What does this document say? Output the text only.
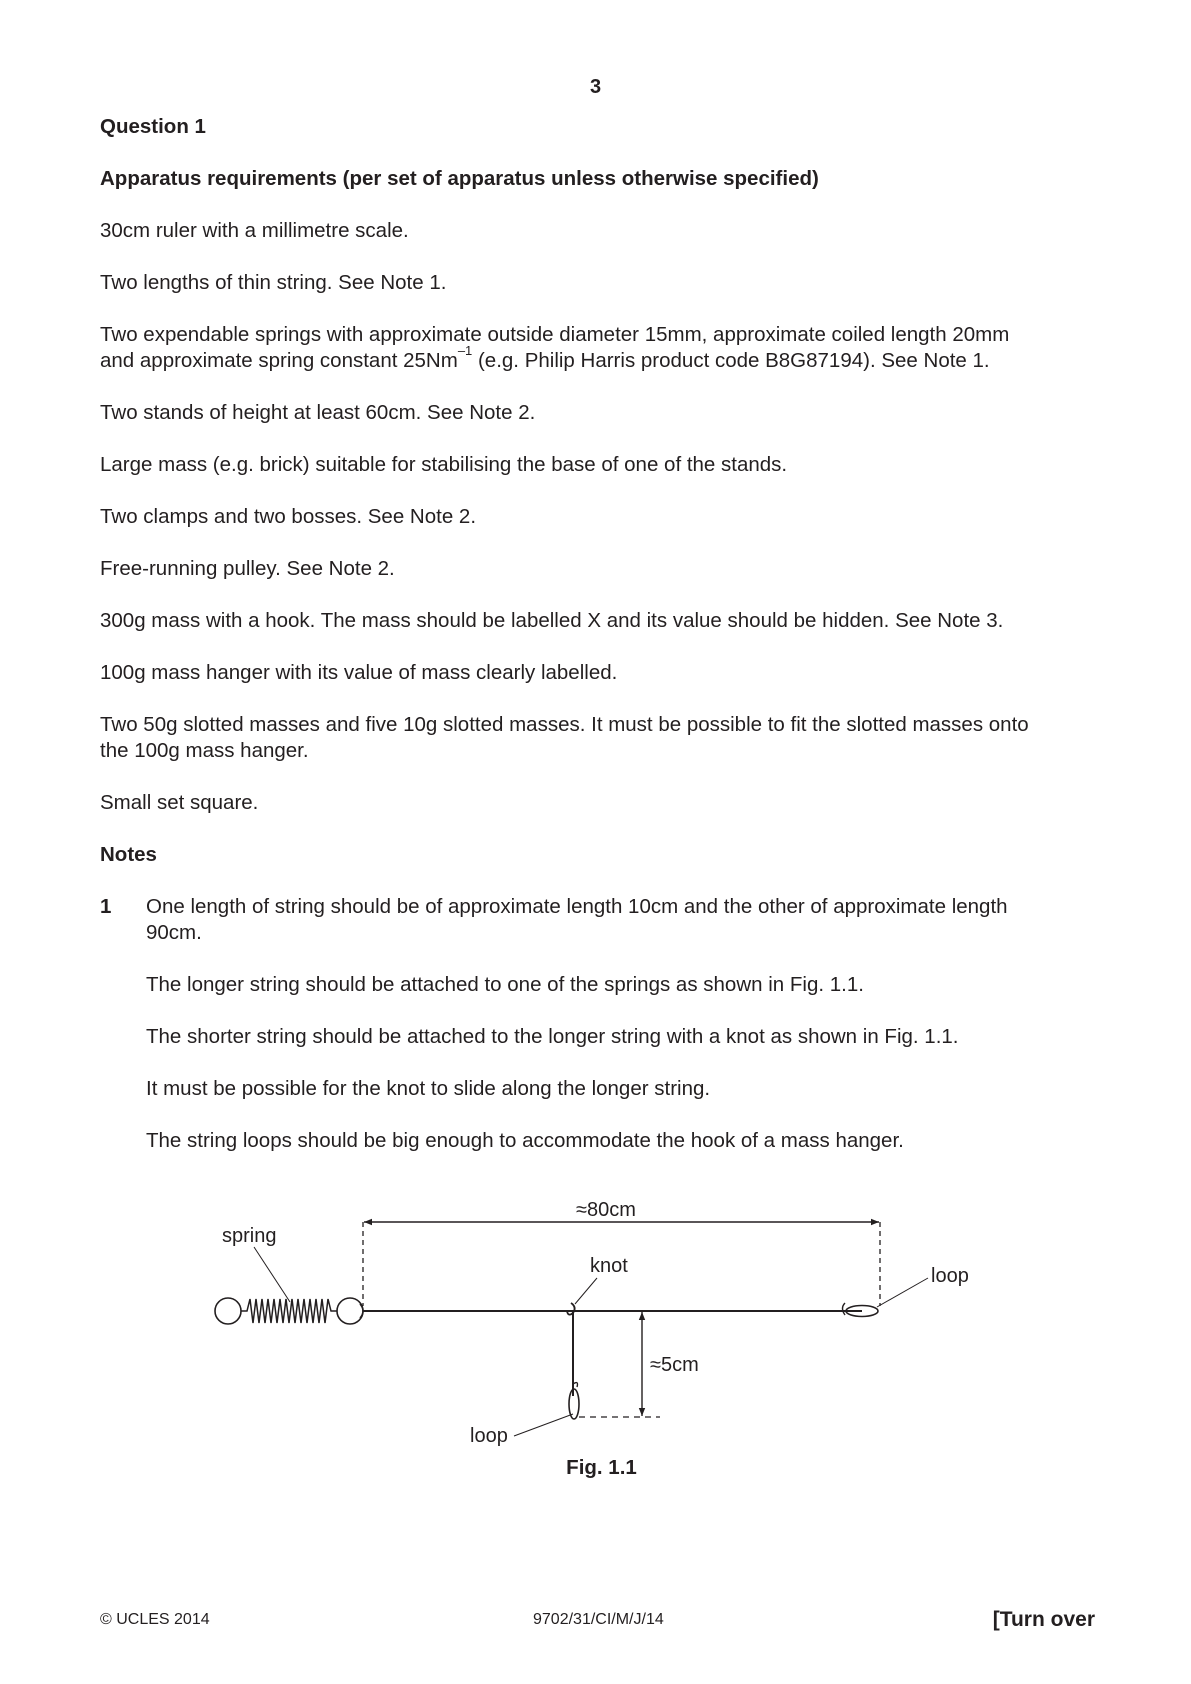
3

Question 1

Apparatus requirements (per set of apparatus unless otherwise specified)

30cm ruler with a millimetre scale.

Two lengths of thin string. See Note 1.

Two expendable springs with approximate outside diameter 15mm, approximate coiled length 20mm
and approximate spring constant $25Nm^{-1}$ (e.g. Philip Harris product code B8G87194). See Note 1.

Two stands of height at least 60cm. See Note 2.

Large mass (e.g. brick) suitable for stabilising the base of one of the stands.

Two clamps and two bosses. See Note 2.

Free-running pulley. See Note 2.

300g mass with a hook. The mass should be labelled X and its value should be hidden. See Note 3.

100g mass hanger with its value of mass clearly labelled.

Two 50g slotted masses and five 10g slotted masses. It must be possible to fit the slotted masses onto
the 100g mass hanger.

Small set square.

Notes

1 One length of string should be of approximate length 10cm and the other of approximate length
90cm.

The longer string should be attached to one of the springs as shown in Fig. 1.1.

The shorter string should be attached to the longer string with a knot as shown in Fig. 1.1.

It must be possible for the knot to slide along the longer string.

The string loops should be big enough to accommodate the hook of a mass hanger.

≈80cm
spring
knot	loop
loop
≈5cm
Fig. 1.1
© UCLES 2014	9702/31/CI/M/J/14	[Turn over
